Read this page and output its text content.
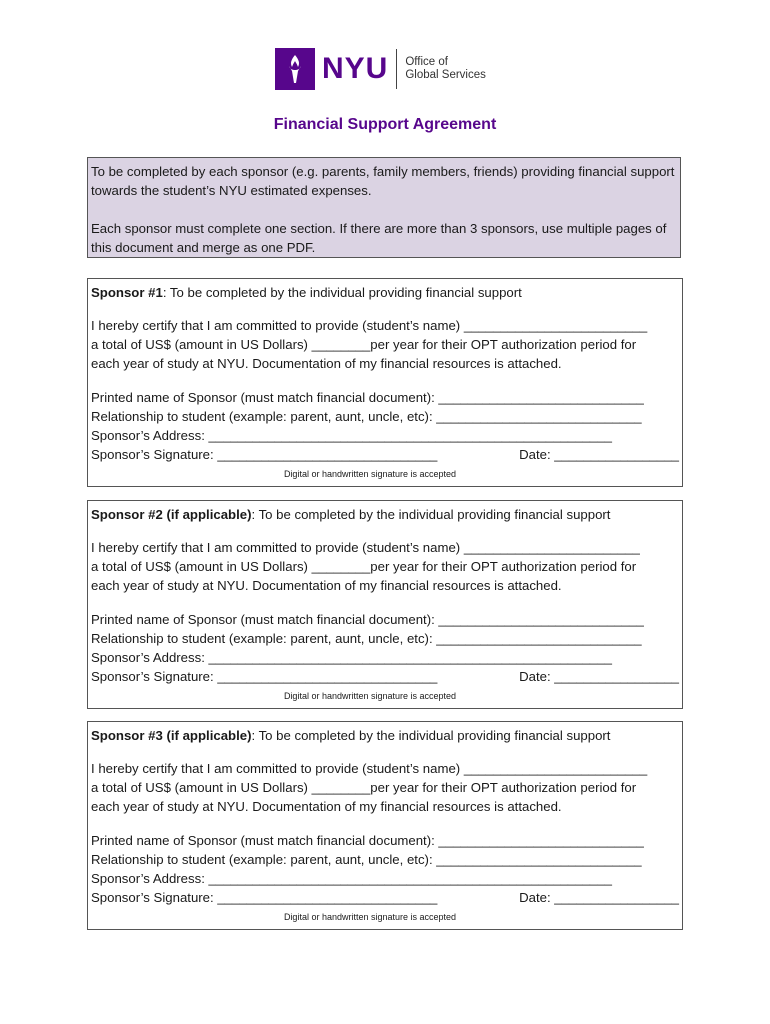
NYU Office of
Global Services
Financial Support Agreement

To be completed by each sponsor (e.g. parents, family members, friends) providing financial support towards the student’s NYU estimated expenses.

Each sponsor must complete one section. If there are more than 3 sponsors, use multiple pages of this document and merge as one PDF.

Sponsor #1: To be completed by the individual providing financial support
I hereby certify that I am committed to provide (student’s name) _________________________
a total of US$ (amount in US Dollars) ________per year for their OPT authorization period for
each year of study at NYU. Documentation of my financial resources is attached.
Printed name of Sponsor (must match financial document): ____________________________
Relationship to student (example: parent, aunt, uncle, etc): ____________________________
Sponsor’s Address: _______________________________________________________
Sponsor’s Signature: ______________________________	Date: _________________
Digital or handwritten signature is accepted
Sponsor #2 (if applicable): To be completed by the individual providing financial support
I hereby certify that I am committed to provide (student’s name) ________________________
a total of US$ (amount in US Dollars) ________per year for their OPT authorization period for
each year of study at NYU. Documentation of my financial resources is attached.
Printed name of Sponsor (must match financial document): ____________________________
Relationship to student (example: parent, aunt, uncle, etc): ____________________________
Sponsor’s Address: _______________________________________________________
Sponsor’s Signature: ______________________________	Date: _________________
Digital or handwritten signature is accepted
Sponsor #3 (if applicable): To be completed by the individual providing financial support
I hereby certify that I am committed to provide (student’s name) _________________________
a total of US$ (amount in US Dollars) ________per year for their OPT authorization period for
each year of study at NYU. Documentation of my financial resources is attached.
Printed name of Sponsor (must match financial document): ____________________________
Relationship to student (example: parent, aunt, uncle, etc): ____________________________
Sponsor’s Address: _______________________________________________________
Sponsor’s Signature: ______________________________	Date: _________________
Digital or handwritten signature is accepted
